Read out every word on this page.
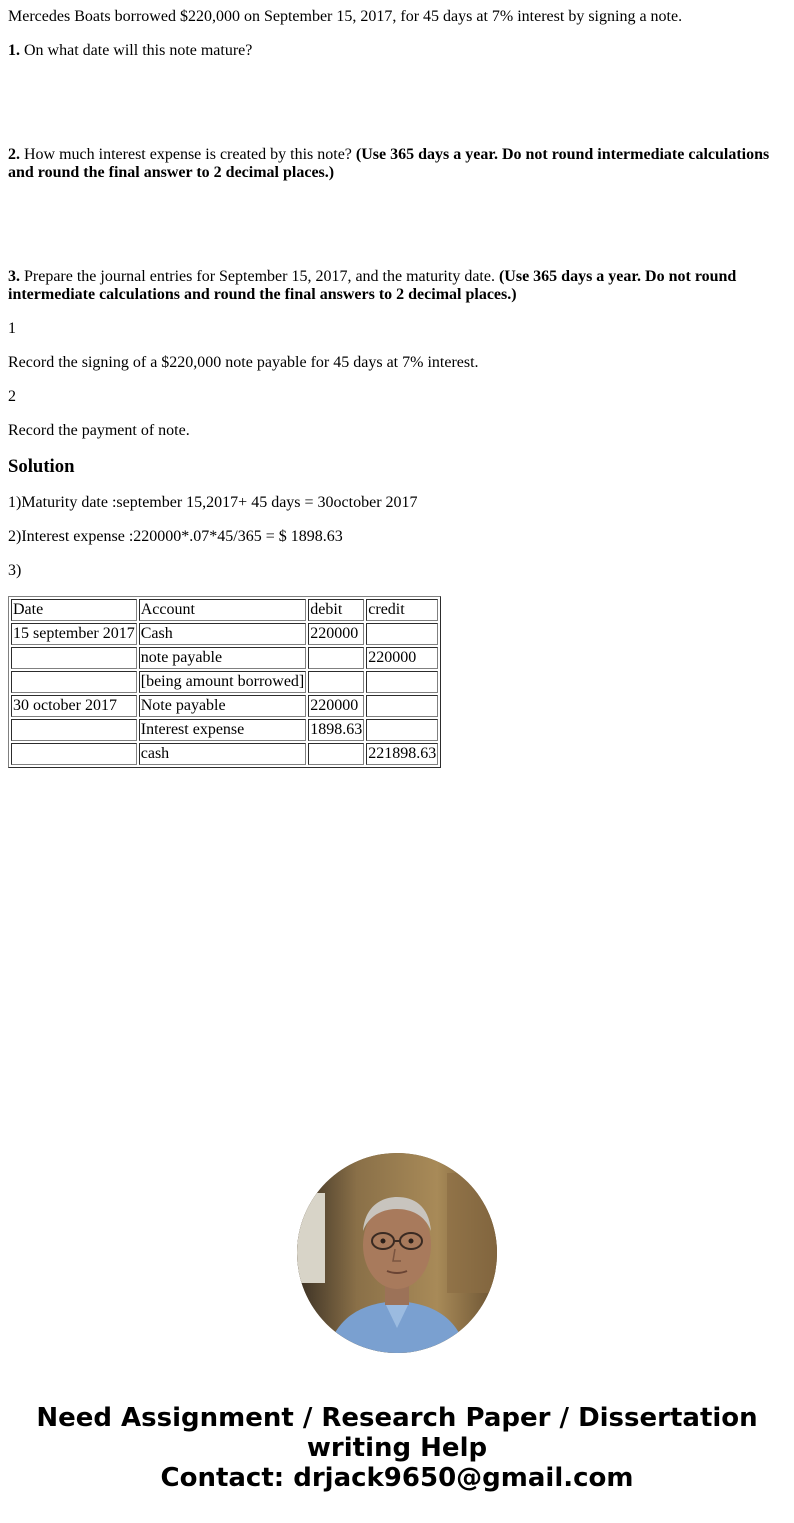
Mercedes Boats borrowed $220,000 on September 15, 2017, for 45 days at 7% interest by signing a note.

1. On what date will this note mature?

2. How much interest expense is created by this note? (Use 365 days a year. Do not round intermediate calculations and round the final answer to 2 decimal places.)

3. Prepare the journal entries for September 15, 2017, and the maturity date. (Use 365 days a year. Do not round intermediate calculations and round the final answers to 2 decimal places.)

1

Record the signing of a $220,000 note payable for 45 days at 7% interest.

2

Record the payment of note.

Solution

1)Maturity date :september 15,2017+ 45 days = 30october 2017

2)Interest expense :220000*.07*45/365 = $ 1898.63

3)

Date	Account	debit	credit
15 september 2017	Cash	220000	
	note payable		220000
	[being amount borrowed]		
30 october 2017	Note payable	220000	
	Interest expense	1898.63	
	cash		221898.63
Need Assignment / Research Paper / Dissertation
writing Help
Contact: drjack9650@gmail.com
